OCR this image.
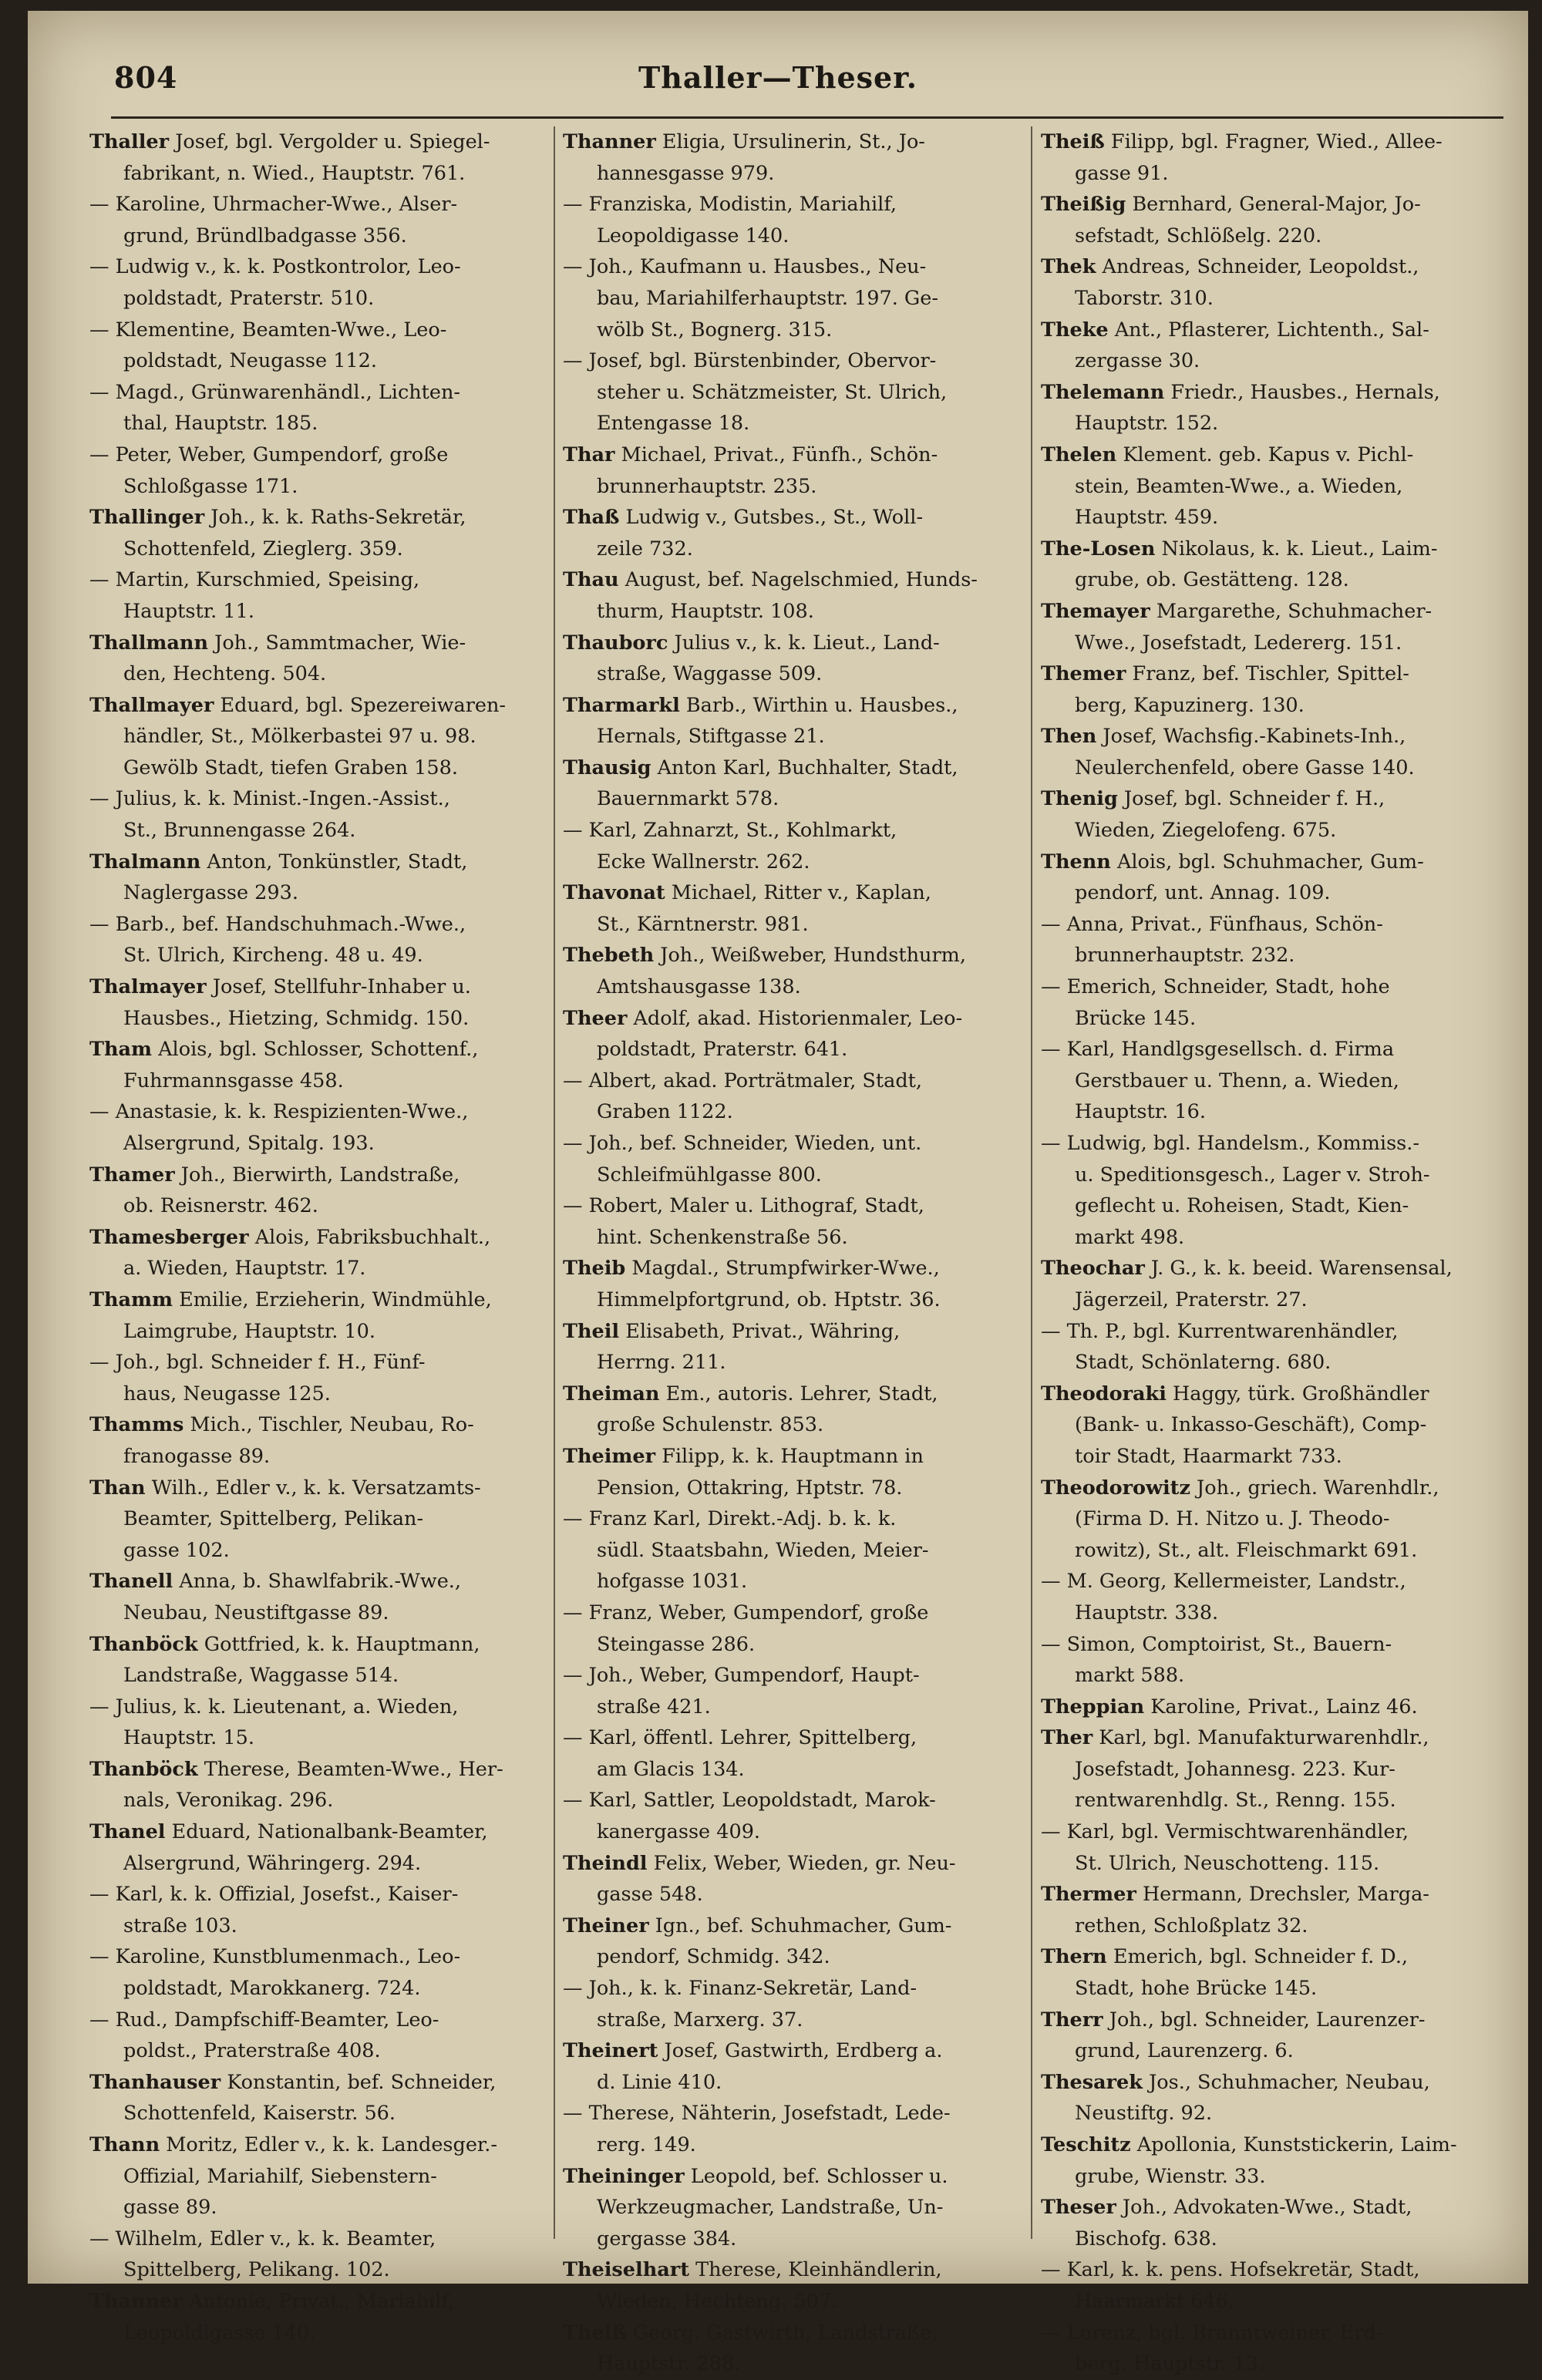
804	Thaller—Theser.

Thaller Josef, bgl. Vergolder u. Spiegel-
fabrikant, n. Wied., Hauptstr. 761.

— Karoline, Uhrmacher-Wwe., Alser-
grund, Bründlbadgasse 356.

— Ludwig v., k. k. Postkontrolor, Leo-
poldstadt, Praterstr. 510.

— Klementine, Beamten-Wwe., Leo-
poldstadt, Neugasse 112.

— Magd., Grünwarenhändl., Lichten-
thal, Hauptstr. 185.

— Peter, Weber, Gumpendorf, große
Schloßgasse 171.

Thallinger Joh., k. k. Raths-Sekretär,
Schottenfeld, Zieglerg. 359.

— Martin, Kurschmied, Speising,
Hauptstr. 11.

Thallmann Joh., Sammtmacher, Wie-
den, Hechteng. 504.

Thallmayer Eduard, bgl. Spezereiwaren-
händler, St., Mölkerbastei 97 u. 98.
Gewölb Stadt, tiefen Graben 158.

— Julius, k. k. Minist.-Ingen.-Assist.,
St., Brunnengasse 264.

Thalmann Anton, Tonkünstler, Stadt,
Naglergasse 293.

— Barb., bef. Handschuhmach.-Wwe.,
St. Ulrich, Kircheng. 48 u. 49.

Thalmayer Josef, Stellfuhr-Inhaber u.
Hausbes., Hietzing, Schmidg. 150.

Tham Alois, bgl. Schlosser, Schottenf.,
Fuhrmannsgasse 458.

— Anastasie, k. k. Respizienten-Wwe.,
Alsergrund, Spitalg. 193.

Thamer Joh., Bierwirth, Landstraße,
ob. Reisnerstr. 462.

Thamesberger Alois, Fabriksbuchhalt.,
a. Wieden, Hauptstr. 17.

Thamm Emilie, Erzieherin, Windmühle,
Laimgrube, Hauptstr. 10.

— Joh., bgl. Schneider f. H., Fünf-
haus, Neugasse 125.

Thamms Mich., Tischler, Neubau, Ro-
franogasse 89.

Than Wilh., Edler v., k. k. Versatzamts-
Beamter, Spittelberg, Pelikan-
gasse 102.

Thanell Anna, b. Shawlfabrik.-Wwe.,
Neubau, Neustiftgasse 89.

Thanböck Gottfried, k. k. Hauptmann,
Landstraße, Waggasse 514.

— Julius, k. k. Lieutenant, a. Wieden,
Hauptstr. 15.

Thanböck Therese, Beamten-Wwe., Her-
nals, Veronikag. 296.

Thanel Eduard, Nationalbank-Beamter,
Alsergrund, Währingerg. 294.

— Karl, k. k. Offizial, Josefst., Kaiser-
straße 103.

— Karoline, Kunstblumenmach., Leo-
poldstadt, Marokkanerg. 724.

— Rud., Dampfschiff-Beamter, Leo-
poldst., Praterstraße 408.

Thanhauser Konstantin, bef. Schneider,
Schottenfeld, Kaiserstr. 56.

Thann Moritz, Edler v., k. k. Landesger.-
Offizial, Mariahilf, Siebenstern-
gasse 89.

— Wilhelm, Edler v., k. k. Beamter,
Spittelberg, Pelikang. 102.

Thanner Antonie, Privat., Mariahilf,
Leopoldigasse 140.

Thanner Eligia, Ursulinerin, St., Jo-
hannesgasse 979.

— Franziska, Modistin, Mariahilf,
Leopoldigasse 140.

— Joh., Kaufmann u. Hausbes., Neu-
bau, Mariahilferhauptstr. 197. Ge-
wölb St., Bognerg. 315.

— Josef, bgl. Bürstenbinder, Obervor-
steher u. Schätzmeister, St. Ulrich,
Entengasse 18.

Thar Michael, Privat., Fünfh., Schön-
brunnerhauptstr. 235.

Thaß Ludwig v., Gutsbes., St., Woll-
zeile 732.

Thau August, bef. Nagelschmied, Hunds-
thurm, Hauptstr. 108.

Thauborc Julius v., k. k. Lieut., Land-
straße, Waggasse 509.

Tharmarkl Barb., Wirthin u. Hausbes.,
Hernals, Stiftgasse 21.

Thausig Anton Karl, Buchhalter, Stadt,
Bauernmarkt 578.

— Karl, Zahnarzt, St., Kohlmarkt,
Ecke Wallnerstr. 262.

Thavonat Michael, Ritter v., Kaplan,
St., Kärntnerstr. 981.

Thebeth Joh., Weißweber, Hundsthurm,
Amtshausgasse 138.

Theer Adolf, akad. Historienmaler, Leo-
poldstadt, Praterstr. 641.

— Albert, akad. Porträtmaler, Stadt,
Graben 1122.

— Joh., bef. Schneider, Wieden, unt.
Schleifmühlgasse 800.

— Robert, Maler u. Lithograf, Stadt,
hint. Schenkenstraße 56.

Theib Magdal., Strumpfwirker-Wwe.,
Himmelpfortgrund, ob. Hptstr. 36.

Theil Elisabeth, Privat., Währing,
Herrng. 211.

Theiman Em., autoris. Lehrer, Stadt,
große Schulenstr. 853.

Theimer Filipp, k. k. Hauptmann in
Pension, Ottakring, Hptstr. 78.

— Franz Karl, Direkt.-Adj. b. k. k.
südl. Staatsbahn, Wieden, Meier-
hofgasse 1031.

— Franz, Weber, Gumpendorf, große
Steingasse 286.

— Joh., Weber, Gumpendorf, Haupt-
straße 421.

— Karl, öffentl. Lehrer, Spittelberg,
am Glacis 134.

— Karl, Sattler, Leopoldstadt, Marok-
kanergasse 409.

Theindl Felix, Weber, Wieden, gr. Neu-
gasse 548.

Theiner Ign., bef. Schuhmacher, Gum-
pendorf, Schmidg. 342.

— Joh., k. k. Finanz-Sekretär, Land-
straße, Marxerg. 37.

Theinert Josef, Gastwirth, Erdberg a.
d. Linie 410.

— Therese, Nähterin, Josefstadt, Lede-
rerg. 149.

Theininger Leopold, bef. Schlosser u.
Werkzeugmacher, Landstraße, Un-
gergasse 384.

Theiselhart Therese, Kleinhändlerin,
Wieden, Hechteng. 507.

Theiß Georg, Gastwirth, Landstraße,
Hauptstr. 288.

Theiß Filipp, bgl. Fragner, Wied., Allee-
gasse 91.

Theißig Bernhard, General-Major, Jo-
sefstadt, Schlößelg. 220.

Thek Andreas, Schneider, Leopoldst.,
Taborstr. 310.

Theke Ant., Pflasterer, Lichtenth., Sal-
zergasse 30.

Thelemann Friedr., Hausbes., Hernals,
Hauptstr. 152.

Thelen Klement. geb. Kapus v. Pichl-
stein, Beamten-Wwe., a. Wieden,
Hauptstr. 459.

The-Losen Nikolaus, k. k. Lieut., Laim-
grube, ob. Gestätteng. 128.

Themayer Margarethe, Schuhmacher-
Wwe., Josefstadt, Ledererg. 151.

Themer Franz, bef. Tischler, Spittel-
berg, Kapuzinerg. 130.

Then Josef, Wachsfig.-Kabinets-Inh.,
Neulerchenfeld, obere Gasse 140.

Thenig Josef, bgl. Schneider f. H.,
Wieden, Ziegelofeng. 675.

Thenn Alois, bgl. Schuhmacher, Gum-
pendorf, unt. Annag. 109.

— Anna, Privat., Fünfhaus, Schön-
brunnerhauptstr. 232.

— Emerich, Schneider, Stadt, hohe
Brücke 145.

— Karl, Handlgsgesellsch. d. Firma
Gerstbauer u. Thenn, a. Wieden,
Hauptstr. 16.

— Ludwig, bgl. Handelsm., Kommiss.-
u. Speditionsgesch., Lager v. Stroh-
geflecht u. Roheisen, Stadt, Kien-
markt 498.

Theochar J. G., k. k. beeid. Warensensal,
Jägerzeil, Praterstr. 27.

— Th. P., bgl. Kurrentwarenhändler,
Stadt, Schönlaterng. 680.

Theodoraki Haggy, türk. Großhändler
(Bank- u. Inkasso-Geschäft), Comp-
toir Stadt, Haarmarkt 733.

Theodorowitz Joh., griech. Warenhdlr.,
(Firma D. H. Nitzo u. J. Theodo-
rowitz), St., alt. Fleischmarkt 691.

— M. Georg, Kellermeister, Landstr.,
Hauptstr. 338.

— Simon, Comptoirist, St., Bauern-
markt 588.

Theppian Karoline, Privat., Lainz 46.

Ther Karl, bgl. Manufakturwarenhdlr.,
Josefstadt, Johannesg. 223. Kur-
rentwarenhdlg. St., Renng. 155.

— Karl, bgl. Vermischtwarenhändler,
St. Ulrich, Neuschotteng. 115.

Thermer Hermann, Drechsler, Marga-
rethen, Schloßplatz 32.

Thern Emerich, bgl. Schneider f. D.,
Stadt, hohe Brücke 145.

Therr Joh., bgl. Schneider, Laurenzer-
grund, Laurenzerg. 6.

Thesarek Jos., Schuhmacher, Neubau,
Neustiftg. 92.

Teschitz Apollonia, Kunststickerin, Laim-
grube, Wienstr. 33.

Theser Joh., Advokaten-Wwe., Stadt,
Bischofg. 638.

— Karl, k. k. pens. Hofsekretär, Stadt,
Haarmarkt 646.

— Lorenz, bgl. Branntweiner, Erd-
berg, Hauptstr. 13.
